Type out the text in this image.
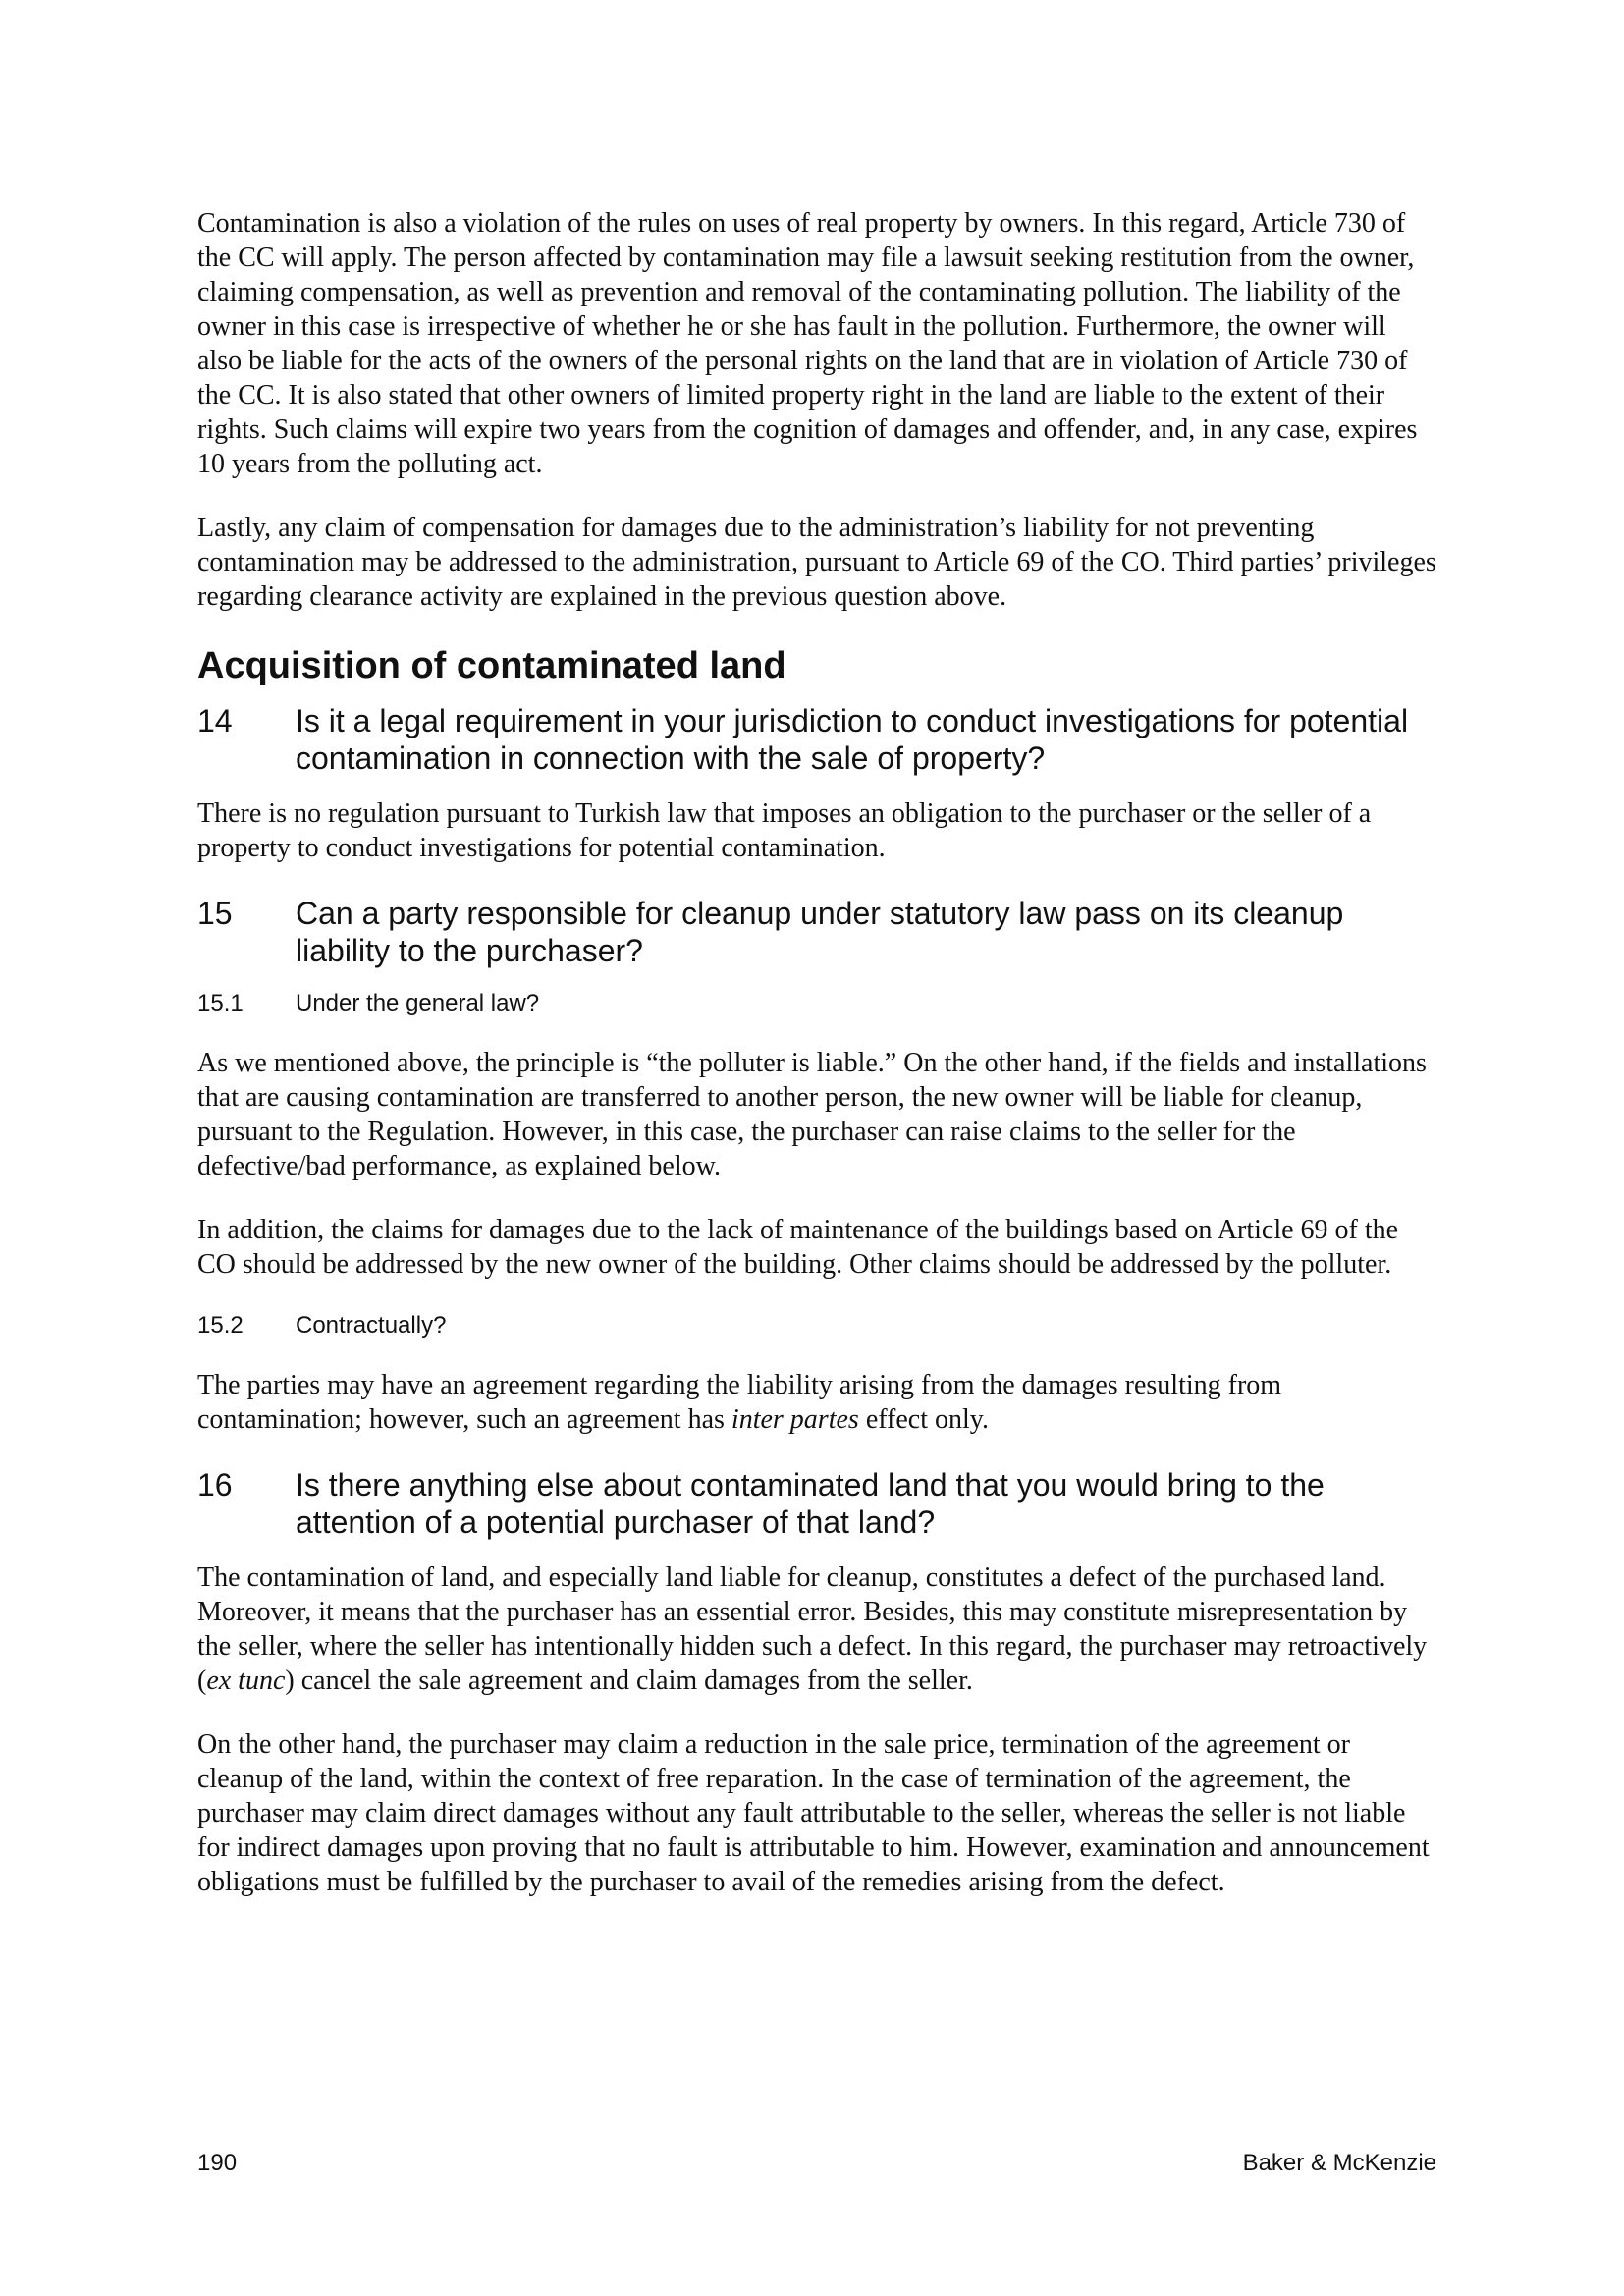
Contamination is also a violation of the rules on uses of real property by owners. In this regard, Article 730 of the CC will apply. The person affected by contamination may file a lawsuit seeking restitution from the owner, claiming compensation, as well as prevention and removal of the contaminating pollution. The liability of the owner in this case is irrespective of whether he or she has fault in the pollution. Furthermore, the owner will also be liable for the acts of the owners of the personal rights on the land that are in violation of Article 730 of the CC. It is also stated that other owners of limited property right in the land are liable to the extent of their rights. Such claims will expire two years from the cognition of damages and offender, and, in any case, expires 10 years from the polluting act.

Lastly, any claim of compensation for damages due to the administration’s liability for not preventing contamination may be addressed to the administration, pursuant to Article 69 of the CO. Third parties’ privileges regarding clearance activity are explained in the previous question above.

Acquisition of contaminated land
14	Is it a legal requirement in your jurisdiction to conduct investigations for potential contamination in connection with the sale of property?

There is no regulation pursuant to Turkish law that imposes an obligation to the purchaser or the seller of a property to conduct investigations for potential contamination.

15	Can a party responsible for cleanup under statutory law pass on its cleanup liability to the purchaser?
15.1	Under the general law?

As we mentioned above, the principle is “the polluter is liable.” On the other hand, if the fields and installations that are causing contamination are transferred to another person, the new owner will be liable for cleanup, pursuant to the Regulation. However, in this case, the purchaser can raise claims to the seller for the defective/bad performance, as explained below.

In addition, the claims for damages due to the lack of maintenance of the buildings based on Article 69 of the CO should be addressed by the new owner of the building. Other claims should be addressed by the polluter.

15.2	Contractually?

The parties may have an agreement regarding the liability arising from the damages resulting from contamination; however, such an agreement has inter partes effect only.

16	Is there anything else about contaminated land that you would bring to the attention of a potential purchaser of that land?

The contamination of land, and especially land liable for cleanup, constitutes a defect of the purchased land. Moreover, it means that the purchaser has an essential error. Besides, this may constitute misrepresentation by the seller, where the seller has intentionally hidden such a defect. In this regard, the purchaser may retroactively (ex tunc) cancel the sale agreement and claim damages from the seller.

On the other hand, the purchaser may claim a reduction in the sale price, termination of the agreement or cleanup of the land, within the context of free reparation. In the case of termination of the agreement, the purchaser may claim direct damages without any fault attributable to the seller, whereas the seller is not liable for indirect damages upon proving that no fault is attributable to him. However, examination and announcement obligations must be fulfilled by the purchaser to avail of the remedies arising from the defect.

190	Baker & McKenzie
